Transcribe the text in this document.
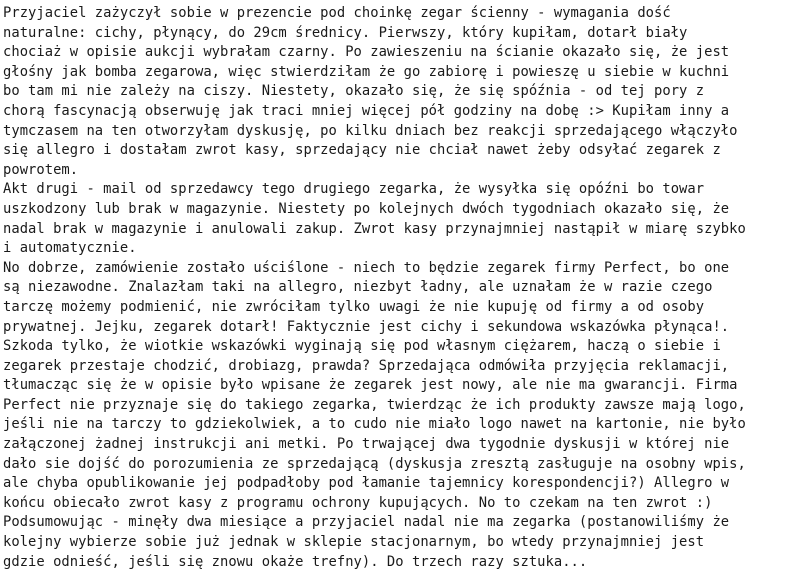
Przyjaciel zażyczył sobie w prezencie pod choinkę zegar ścienny - wymagania dość
naturalne: cichy, płynący, do 29cm średnicy. Pierwszy, który kupiłam, dotarł biały
chociaż w opisie aukcji wybrałam czarny. Po zawieszeniu na ścianie okazało się, że jest
głośny jak bomba zegarowa, więc stwierdziłam że go zabiorę i powieszę u siebie w kuchni
bo tam mi nie zależy na ciszy. Niestety, okazało się, że się spóźnia - od tej pory z
chorą fascynacją obserwuję jak traci mniej więcej pół godziny na dobę :> Kupiłam inny a
tymczasem na ten otworzyłam dyskusję, po kilku dniach bez reakcji sprzedającego włączyło
się allegro i dostałam zwrot kasy, sprzedający nie chciał nawet żeby odsyłać zegarek z
powrotem.
Akt drugi - mail od sprzedawcy tego drugiego zegarka, że wysyłka się opóźni bo towar
uszkodzony lub brak w magazynie. Niestety po kolejnych dwóch tygodniach okazało się, że
nadal brak w magazynie i anulowali zakup. Zwrot kasy przynajmniej nastąpił w miarę szybko
i automatycznie.
No dobrze, zamówienie zostało uściślone - niech to będzie zegarek firmy Perfect, bo one
są niezawodne. Znalazłam taki na allegro, niezbyt ładny, ale uznałam że w razie czego
tarczę możemy podmienić, nie zwróciłam tylko uwagi że nie kupuję od firmy a od osoby
prywatnej. Jejku, zegarek dotarł! Faktycznie jest cichy i sekundowa wskazówka płynąca!.
Szkoda tylko, że wiotkie wskazówki wyginają się pod własnym ciężarem, haczą o siebie i
zegarek przestaje chodzić, drobiazg, prawda? Sprzedająca odmówiła przyjęcia reklamacji,
tłumacząc się że w opisie było wpisane że zegarek jest nowy, ale nie ma gwarancji. Firma
Perfect nie przyznaje się do takiego zegarka, twierdząc że ich produkty zawsze mają logo,
jeśli nie na tarczy to gdziekolwiek, a to cudo nie miało logo nawet na kartonie, nie było
załączonej żadnej instrukcji ani metki. Po trwającej dwa tygodnie dyskusji w której nie
dało sie dojść do porozumienia ze sprzedającą (dyskusja zresztą zasługuje na osobny wpis,
ale chyba opublikowanie jej podpadłoby pod łamanie tajemnicy korespondencji?) Allegro w
końcu obiecało zwrot kasy z programu ochrony kupujących. No to czekam na ten zwrot :)
Podsumowując - minęły dwa miesiące a przyjaciel nadal nie ma zegarka (postanowiliśmy że
kolejny wybierze sobie już jednak w sklepie stacjonarnym, bo wtedy przynajmniej jest
gdzie odnieść, jeśli się znowu okaże trefny). Do trzech razy sztuka...
